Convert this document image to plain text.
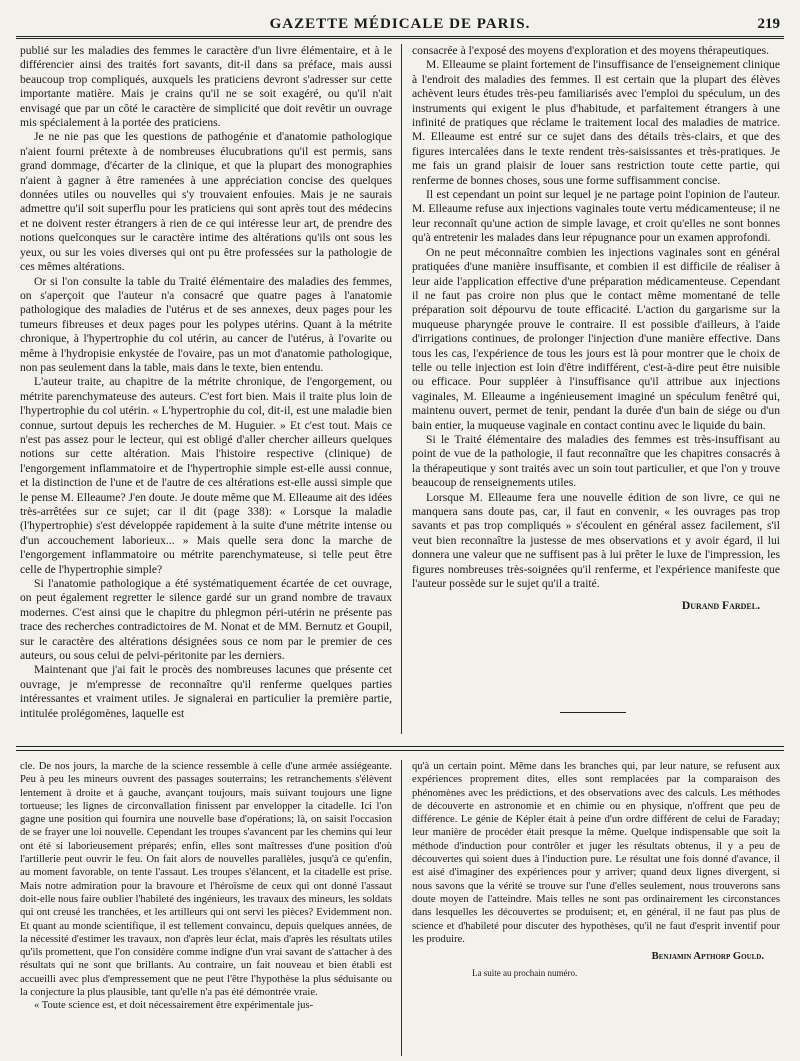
GAZETTE MÉDICALE DE PARIS.	219

publié sur les maladies des femmes le caractère d'un livre élémentaire, et à le différencier ainsi des traités fort savants, dit-il dans sa préface, mais aussi beaucoup trop compliqués, auxquels les praticiens devront s'adresser sur cette importante matière. Mais je crains qu'il ne se soit exagéré, ou qu'il n'ait envisagé que par un côté le caractère de simplicité que doit revêtir un ouvrage mis spécialement à la portée des praticiens.

Je ne nie pas que les questions de pathogénie et d'anatomie pathologique n'aient fourni prétexte à de nombreuses élucubrations qu'il est permis, sans grand dommage, d'écarter de la clinique, et que la plupart des monographies n'aient à gagner à être ramenées à une appréciation concise des quelques données utiles ou nouvelles qui s'y trouvaient enfouies. Mais je ne saurais admettre qu'il soit superflu pour les praticiens qui sont après tout des médecins et ne doivent rester étrangers à rien de ce qui intéresse leur art, de prendre des notions quelconques sur le caractère intime des altérations qu'ils ont sous les yeux, ou sur les voies diverses qui ont pu être professées sur la pathologie de ces mêmes altérations.

Or si l'on consulte la table du Traité élémentaire des maladies des femmes, on s'aperçoit que l'auteur n'a consacré que quatre pages à l'anatomie pathologique des maladies de l'utérus et de ses annexes, deux pages pour les tumeurs fibreuses et deux pages pour les polypes utérins. Quant à la métrite chronique, à l'hypertrophie du col utérin, au cancer de l'utérus, à l'ovarite ou même à l'hydropisie enkystée de l'ovaire, pas un mot d'anatomie pathologique, non pas seulement dans la table, mais dans le texte, bien entendu.

L'auteur traite, au chapitre de la métrite chronique, de l'engorgement, ou métrite parenchymateuse des auteurs. C'est fort bien. Mais il traite plus loin de l'hypertrophie du col utérin. « L'hypertrophie du col, dit-il, est une maladie bien connue, surtout depuis les recherches de M. Huguier. » Et c'est tout. Mais ce n'est pas assez pour le lecteur, qui est obligé d'aller chercher ailleurs quelques notions sur cette altération. Mais l'histoire respective (clinique) de l'engorgement inflammatoire et de l'hypertrophie simple est-elle aussi connue, et la distinction de l'une et de l'autre de ces altérations est-elle aussi simple que le pense M. Elleaume? J'en doute. Je doute même que M. Elleaume ait des idées très-arrêtées sur ce sujet; car il dit (page 338): « Lorsque la maladie (l'hypertrophie) s'est développée rapidement à la suite d'une métrite intense ou d'un accouchement laborieux... » Mais quelle sera donc la marche de l'engorgement inflammatoire ou métrite parenchymateuse, si telle peut être celle de l'hypertrophie simple?

Si l'anatomie pathologique a été systématiquement écartée de cet ouvrage, on peut également regretter le silence gardé sur un grand nombre de travaux modernes. C'est ainsi que le chapitre du phlegmon péri-utérin ne présente pas trace des recherches contradictoires de M. Nonat et de MM. Bernutz et Goupil, sur le caractère des altérations désignées sous ce nom par le premier de ces auteurs, ou sous celui de pelvi-péritonite par les derniers.

Maintenant que j'ai fait le procès des nombreuses lacunes que présente cet ouvrage, je m'empresse de reconnaître qu'il renferme quelques parties intéressantes et vraiment utiles. Je signalerai en particulier la première partie, intitulée prolégomènes, laquelle est

consacrée à l'exposé des moyens d'exploration et des moyens thérapeutiques.

M. Elleaume se plaint fortement de l'insuffisance de l'enseignement clinique à l'endroit des maladies des femmes. Il est certain que la plupart des élèves achèvent leurs études très-peu familiarisés avec l'emploi du spéculum, un des instruments qui exigent le plus d'habitude, et parfaitement étrangers à une infinité de pratiques que réclame le traitement local des maladies de matrice. M. Elleaume est entré sur ce sujet dans des détails très-clairs, et que des figures intercalées dans le texte rendent très-saisissantes et très-pratiques. Je me fais un grand plaisir de louer sans restriction toute cette partie, qui renferme de bonnes choses, sous une forme suffisamment concise.

Il est cependant un point sur lequel je ne partage point l'opinion de l'auteur. M. Elleaume refuse aux injections vaginales toute vertu médicamenteuse; il ne leur reconnaît qu'une action de simple lavage, et croit qu'elles ne sont bonnes qu'à entretenir les malades dans leur répugnance pour un examen approfondi.

On ne peut méconnaître combien les injections vaginales sont en général pratiquées d'une manière insuffisante, et combien il est difficile de réaliser à leur aide l'application effective d'une préparation médicamenteuse. Cependant il ne faut pas croire non plus que le contact même momentané de telle préparation soit dépourvu de toute efficacité. L'action du gargarisme sur la muqueuse pharyngée prouve le contraire. Il est possible d'ailleurs, à l'aide d'irrigations continues, de prolonger l'injection d'une manière effective. Dans tous les cas, l'expérience de tous les jours est là pour montrer que le choix de telle ou telle injection est loin d'être indifférent, c'est-à-dire peut être nuisible ou efficace. Pour suppléer à l'insuffisance qu'il attribue aux injections vaginales, M. Elleaume a ingénieusement imaginé un spéculum fenêtré qui, maintenu ouvert, permet de tenir, pendant la durée d'un bain de siége ou d'un bain entier, la muqueuse vaginale en contact continu avec le liquide du bain.

Si le Traité élémentaire des maladies des femmes est très-insuffisant au point de vue de la pathologie, il faut reconnaître que les chapitres consacrés à la thérapeutique y sont traités avec un soin tout particulier, et que l'on y trouve beaucoup de renseignements utiles.

Lorsque M. Elleaume fera une nouvelle édition de son livre, ce qui ne manquera sans doute pas, car, il faut en convenir, « les ouvrages pas trop savants et pas trop compliqués » s'écoulent en général assez facilement, s'il veut bien reconnaître la justesse de mes observations et y avoir égard, il lui donnera une valeur que ne suffisent pas à lui prêter le luxe de l'impression, les figures nombreuses très-soignées qu'il renferme, et l'expérience manifeste que l'auteur possède sur le sujet qu'il a traité.

Durand Fardel.

cle. De nos jours, la marche de la science ressemble à celle d'une armée assiégeante. Peu à peu les mineurs ouvrent des passages souterrains; les retranchements s'élèvent lentement à droite et à gauche, avançant toujours, mais suivant toujours une ligne tortueuse; les lignes de circonvallation finissent par envelopper la citadelle. Ici l'on gagne une position qui fournira une nouvelle base d'opérations; là, on saisit l'occasion de se frayer une loi nouvelle. Cependant les troupes s'avancent par les chemins qui leur ont été si laborieusement préparés; enfin, elles sont maîtresses d'une position d'où l'artillerie peut ouvrir le feu. On fait alors de nouvelles parallèles, jusqu'à ce qu'enfin, au moment favorable, on tente l'assaut. Les troupes s'élancent, et la citadelle est prise. Mais notre admiration pour la bravoure et l'héroïsme de ceux qui ont donné l'assaut doit-elle nous faire oublier l'habileté des ingénieurs, les travaux des mineurs, les soldats qui ont creusé les tranchées, et les artilleurs qui ont servi les pièces? Evidemment non. Et quant au monde scientifique, il est tellement convaincu, depuis quelques années, de la nécessité d'estimer les travaux, non d'après leur éclat, mais d'après les résultats utiles qu'ils promettent, que l'on considère comme indigne d'un vrai savant de s'attacher à des résultats qui ne sont que brillants. Au contraire, un fait nouveau et bien établi est accueilli avec plus d'empressement que ne peut l'être l'hypothèse la plus séduisante ou la conjecture la plus plausible, tant qu'elle n'a pas été démontrée vraie.

« Toute science est, et doit nécessairement être expérimentale jus-

qu'à un certain point. Même dans les branches qui, par leur nature, se refusent aux expériences proprement dites, elles sont remplacées par la comparaison des phénomènes avec les prédictions, et des observations avec des calculs. Les méthodes de découverte en astronomie et en chimie ou en physique, n'offrent que peu de différence. Le génie de Képler était à peine d'un ordre différent de celui de Faraday; leur manière de procéder était presque la même. Quelque indispensable que soit la méthode d'induction pour contrôler et juger les résultats obtenus, il y a peu de découvertes qui soient dues à l'induction pure. Le résultat une fois donné d'avance, il est aisé d'imaginer des expériences pour y arriver; quand deux lignes divergent, si nous savons que la vérité se trouve sur l'une d'elles seulement, nous trouverons sans doute moyen de l'atteindre. Mais telles ne sont pas ordinairement les circonstances dans lesquelles les découvertes se produisent; et, en général, il ne faut pas plus de science et d'habileté pour discuter des hypothèses, qu'il ne faut d'esprit inventif pour les produire.

Benjamin Apthorp Gould.
La suite au prochain numéro.
